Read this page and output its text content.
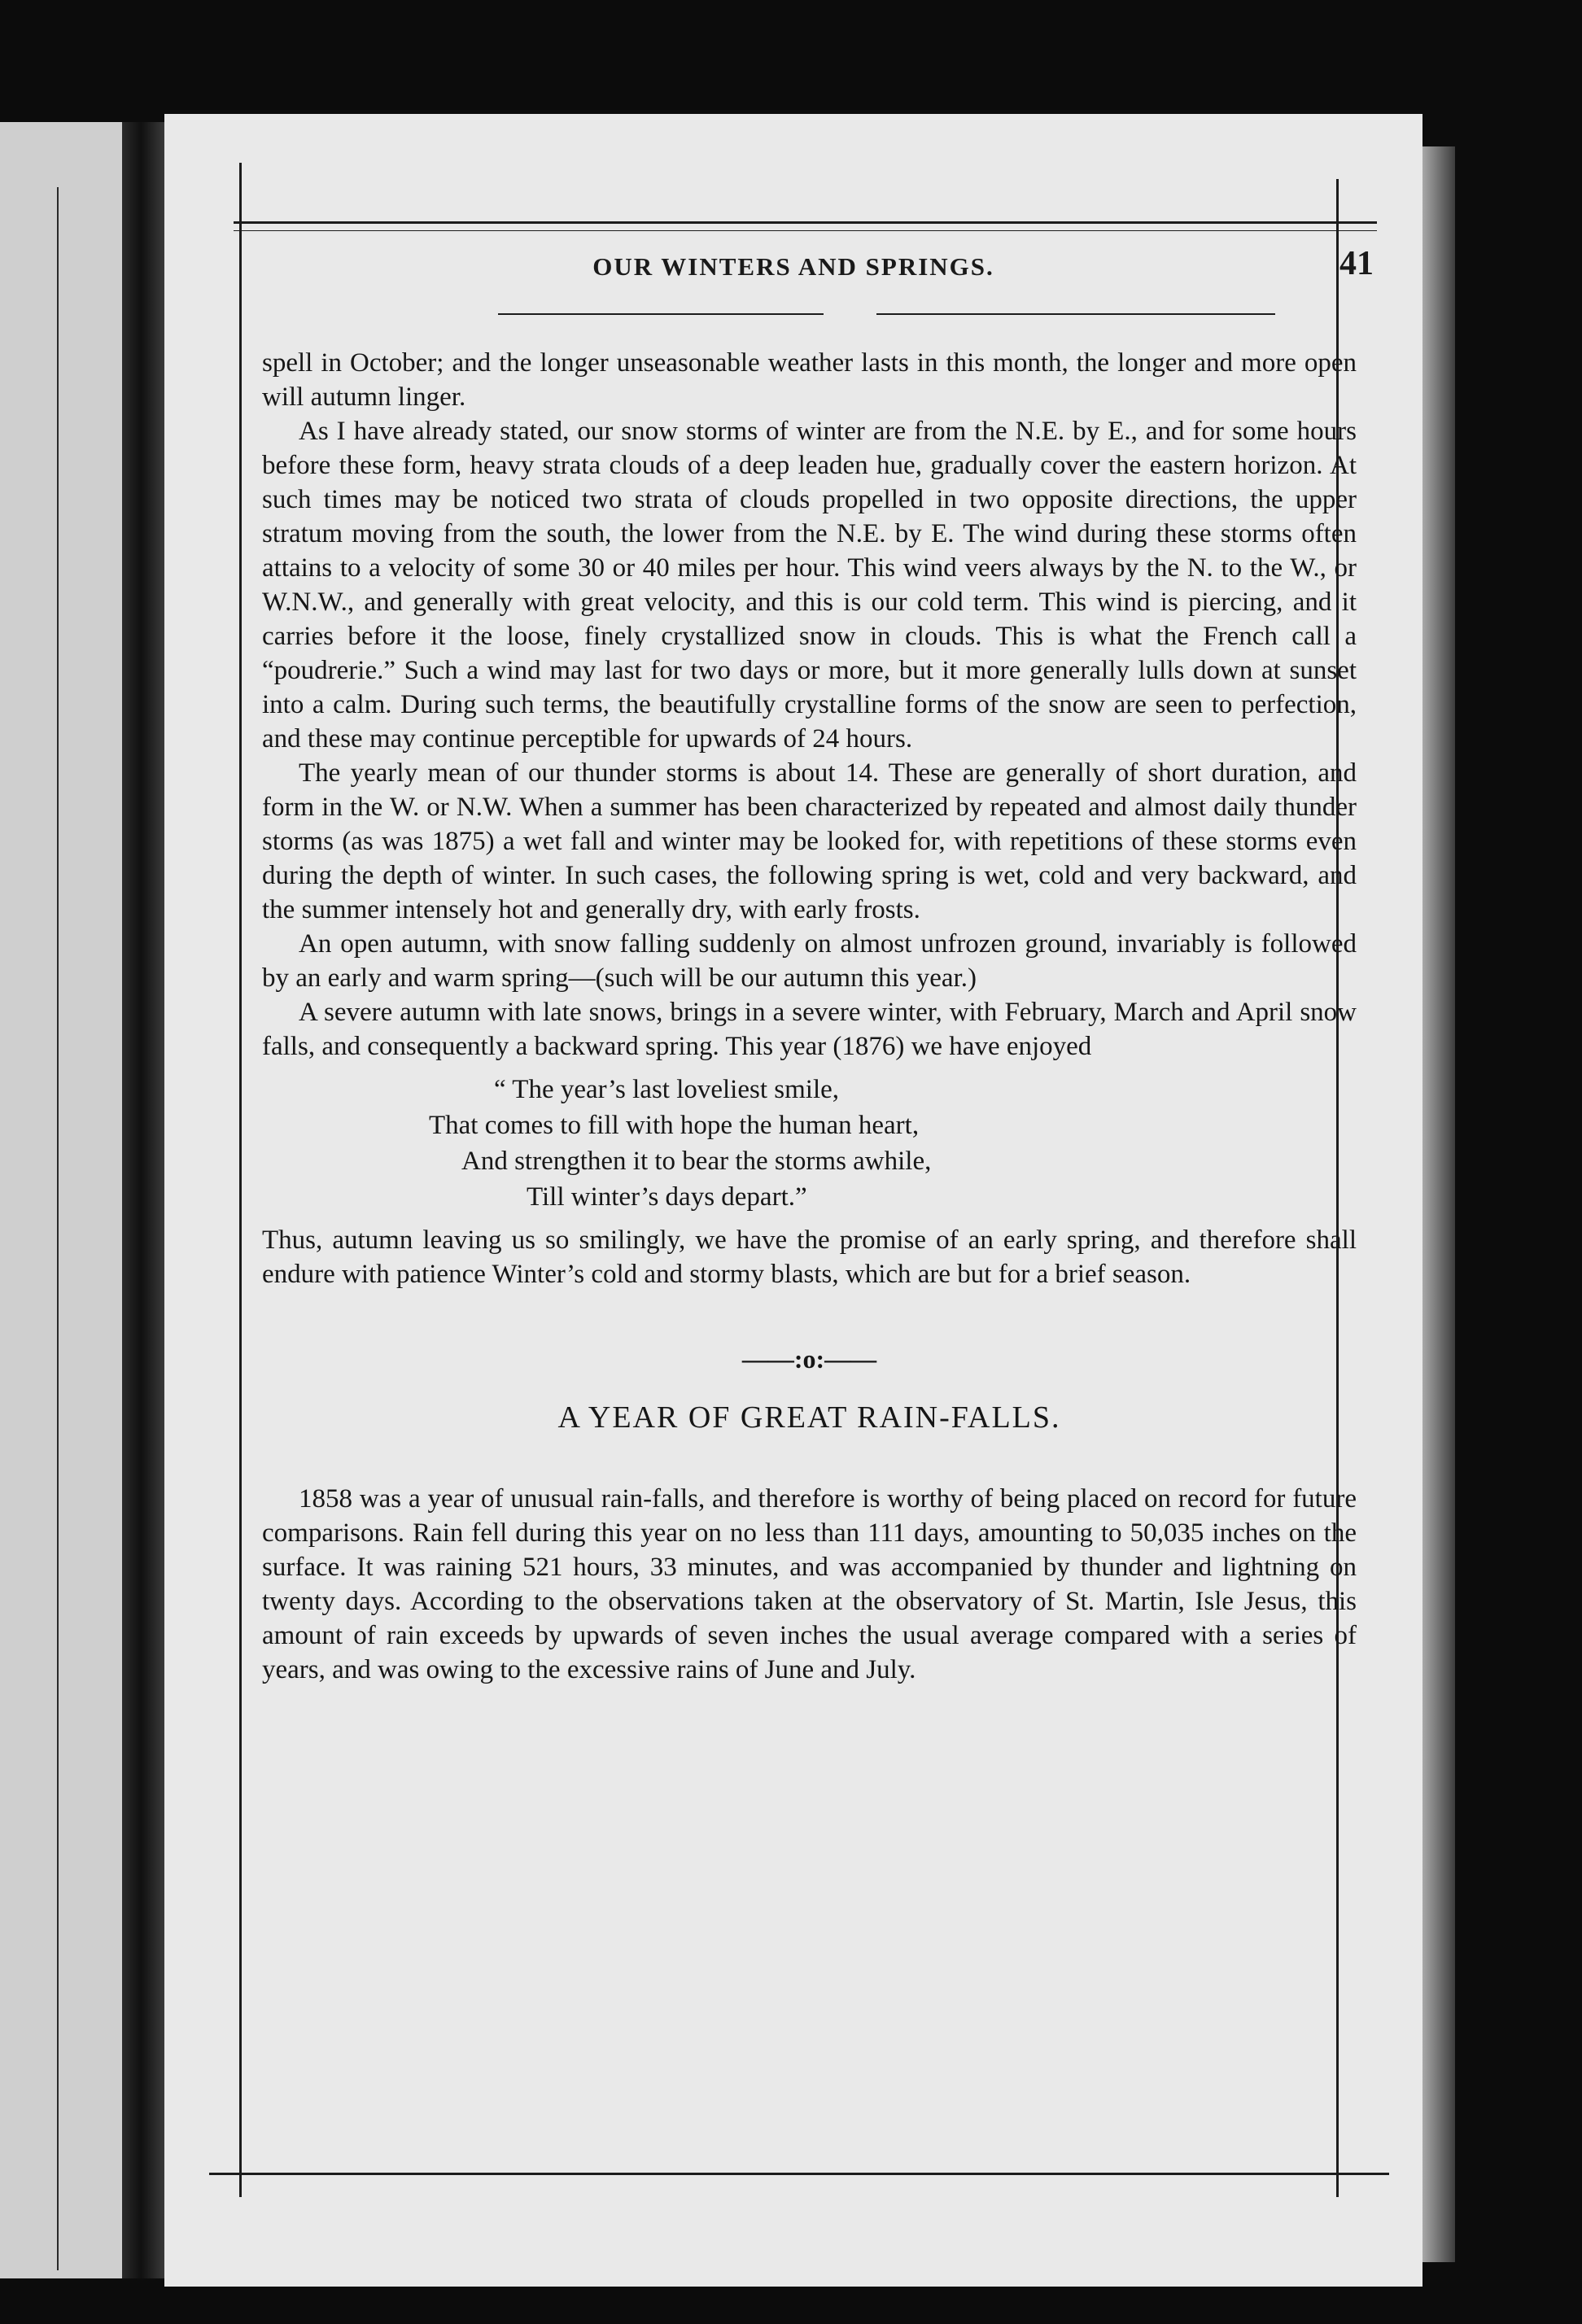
OUR WINTERS AND SPRINGS.	41

spell in October; and the longer unseasonable weather lasts in this month, the longer and more open will autumn linger.

As I have already stated, our snow storms of winter are from the N.E. by E., and for some hours before these form, heavy strata clouds of a deep leaden hue, gradually cover the eastern horizon. At such times may be noticed two strata of clouds propelled in two opposite directions, the upper stratum moving from the south, the lower from the N.E. by E. The wind during these storms often attains to a velocity of some 30 or 40 miles per hour. This wind veers always by the N. to the W., or W.N.W., and generally with great velocity, and this is our cold term. This wind is piercing, and it carries before it the loose, finely crystallized snow in clouds. This is what the French call a “poudrerie.” Such a wind may last for two days or more, but it more generally lulls down at sunset into a calm. During such terms, the beautifully crystalline forms of the snow are seen to perfection, and these may continue perceptible for upwards of 24 hours.

The yearly mean of our thunder storms is about 14. These are generally of short duration, and form in the W. or N.W. When a summer has been characterized by repeated and almost daily thunder storms (as was 1875) a wet fall and winter may be looked for, with repetitions of these storms even during the depth of winter. In such cases, the following spring is wet, cold and very backward, and the summer intensely hot and generally dry, with early frosts.

An open autumn, with snow falling suddenly on almost unfrozen ground, invariably is followed by an early and warm spring—(such will be our autumn this year.)

A severe autumn with late snows, brings in a severe winter, with February, March and April snow falls, and consequently a backward spring. This year (1876) we have enjoyed

“ The year’s last loveliest smile,
That comes to fill with hope the human heart,
And strengthen it to bear the storms awhile,
Till winter’s days depart.”

Thus, autumn leaving us so smilingly, we have the promise of an early spring, and therefore shall endure with patience Winter’s cold and stormy blasts, which are but for a brief season.

——:o:——
A YEAR OF GREAT RAIN-FALLS.

1858 was a year of unusual rain-falls, and therefore is worthy of being placed on record for future comparisons. Rain fell during this year on no less than 111 days, amounting to 50,035 inches on the surface. It was raining 521 hours, 33 minutes, and was accompanied by thunder and lightning on twenty days. According to the observations taken at the observatory of St. Martin, Isle Jesus, this amount of rain exceeds by upwards of seven inches the usual average compared with a series of years, and was owing to the excessive rains of June and July.
